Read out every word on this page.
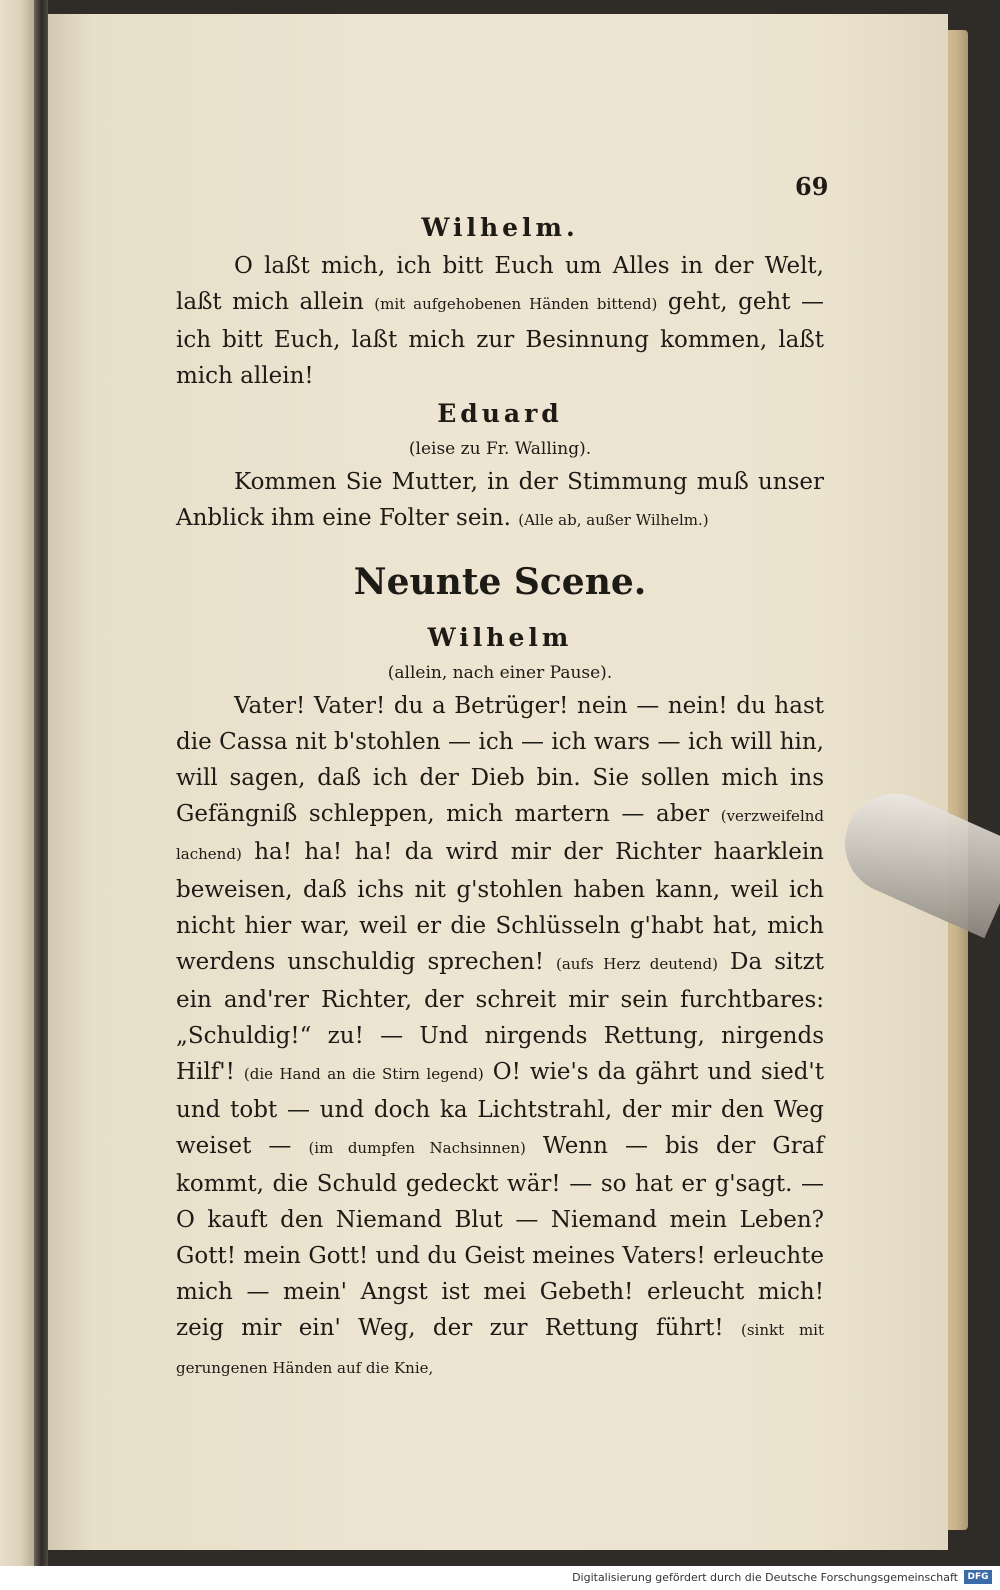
69

Wilhelm.

O laßt mich, ich bitt Euch um Alles in der Welt, laßt mich allein (mit aufgehobenen Händen bittend) geht, geht — ich bitt Euch, laßt mich zur Besinnung kommen, laßt mich allein!

Eduard

(leise zu Fr. Walling).

Kommen Sie Mutter, in der Stimmung muß unser Anblick ihm eine Folter sein. (Alle ab, außer Wilhelm.)

Neunte Scene.

Wilhelm

(allein, nach einer Pause).

Vater! Vater! du a Betrüger! nein — nein! du hast die Cassa nit b'stohlen — ich — ich wars — ich will hin, will sagen, daß ich der Dieb bin. Sie sollen mich ins Gefängniß schleppen, mich martern — aber (verzweifelnd lachend) ha! ha! ha! da wird mir der Richter haarklein beweisen, daß ichs nit g'stohlen haben kann, weil ich nicht hier war, weil er die Schlüsseln g'habt hat, mich werdens unschuldig sprechen! (aufs Herz deutend) Da sitzt ein and'rer Richter, der schreit mir sein furchtbares: „Schuldig!“ zu! — Und nirgends Rettung, nirgends Hilf'! (die Hand an die Stirn legend) O! wie's da gährt und sied't und tobt — und doch ka Lichtstrahl, der mir den Weg weiset — (im dumpfen Nachsinnen) Wenn — bis der Graf kommt, die Schuld gedeckt wär! — so hat er g'sagt. — O kauft den Niemand Blut — Niemand mein Leben? Gott! mein Gott! und du Geist meines Vaters! erleuchte mich — mein' Angst ist mei Gebeth! erleucht mich! zeig mir ein' Weg, der zur Rettung führt! (sinkt mit gerungenen Händen auf die Knie,

Digitalisierung gefördert durch die Deutsche Forschungsgemeinschaft	DFG
